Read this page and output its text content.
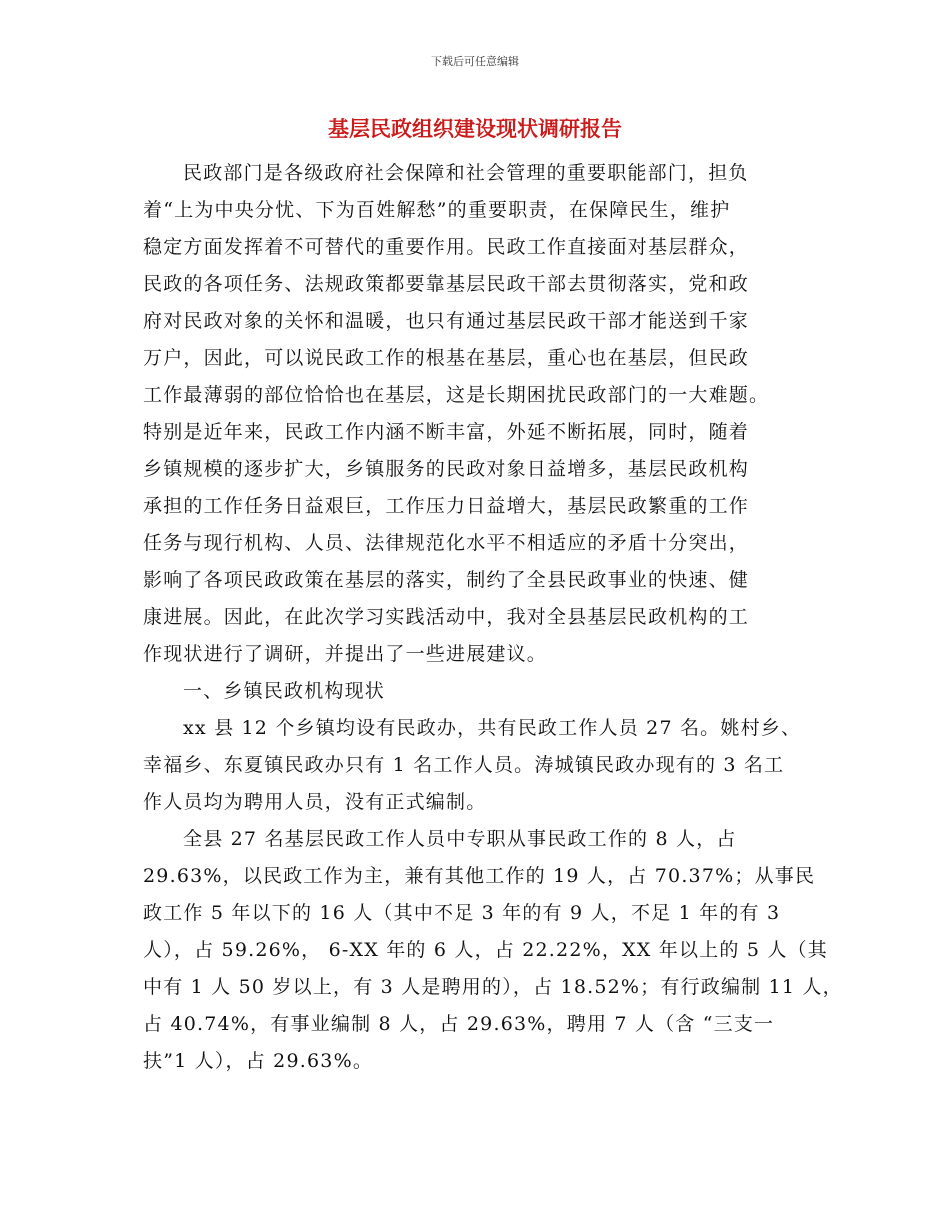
下载后可任意编辑
基层民政组织建设现状调研报告
民政部门是各级政府社会保障和社会管理的重要职能部门，担负
着“上为中央分忧、下为百姓解愁”的重要职责，在保障民生，维护
稳定方面发挥着不可替代的重要作用。民政工作直接面对基层群众，
民政的各项任务、法规政策都要靠基层民政干部去贯彻落实，党和政
府对民政对象的关怀和温暖，也只有通过基层民政干部才能送到千家
万户，因此，可以说民政工作的根基在基层，重心也在基层，但民政
工作最薄弱的部位恰恰也在基层，这是长期困扰民政部门的一大难题。
特别是近年来，民政工作内涵不断丰富，外延不断拓展，同时，随着
乡镇规模的逐步扩大，乡镇服务的民政对象日益增多，基层民政机构
承担的工作任务日益艰巨，工作压力日益增大，基层民政繁重的工作
任务与现行机构、人员、法律规范化水平不相适应的矛盾十分突出，
影响了各项民政政策在基层的落实，制约了全县民政事业的快速、健
康进展。因此，在此次学习实践活动中，我对全县基层民政机构的工
作现状进行了调研，并提出了一些进展建议。
一、乡镇民政机构现状
xx 县 12 个乡镇均设有民政办，共有民政工作人员 27 名。姚村乡、
幸福乡、东夏镇民政办只有 1 名工作人员。涛城镇民政办现有的 3 名工
作人员均为聘用人员，没有正式编制。
全县 27 名基层民政工作人员中专职从事民政工作的 8 人，占
29.63%，以民政工作为主，兼有其他工作的 19 人，占 70.37%；从事民
政工作 5 年以下的 16 人（其中不足 3 年的有 9 人，不足 1 年的有 3
人），占 59.26%， 6-XX 年的 6 人，占 22.22%，XX 年以上的 5 人（其
中有 1 人 50 岁以上，有 3 人是聘用的），占 18.52%；有行政编制 11 人，
占 40.74%，有事业编制 8 人，占 29.63%，聘用 7 人（含 “三支一
扶”1 人），占 29.63%。
